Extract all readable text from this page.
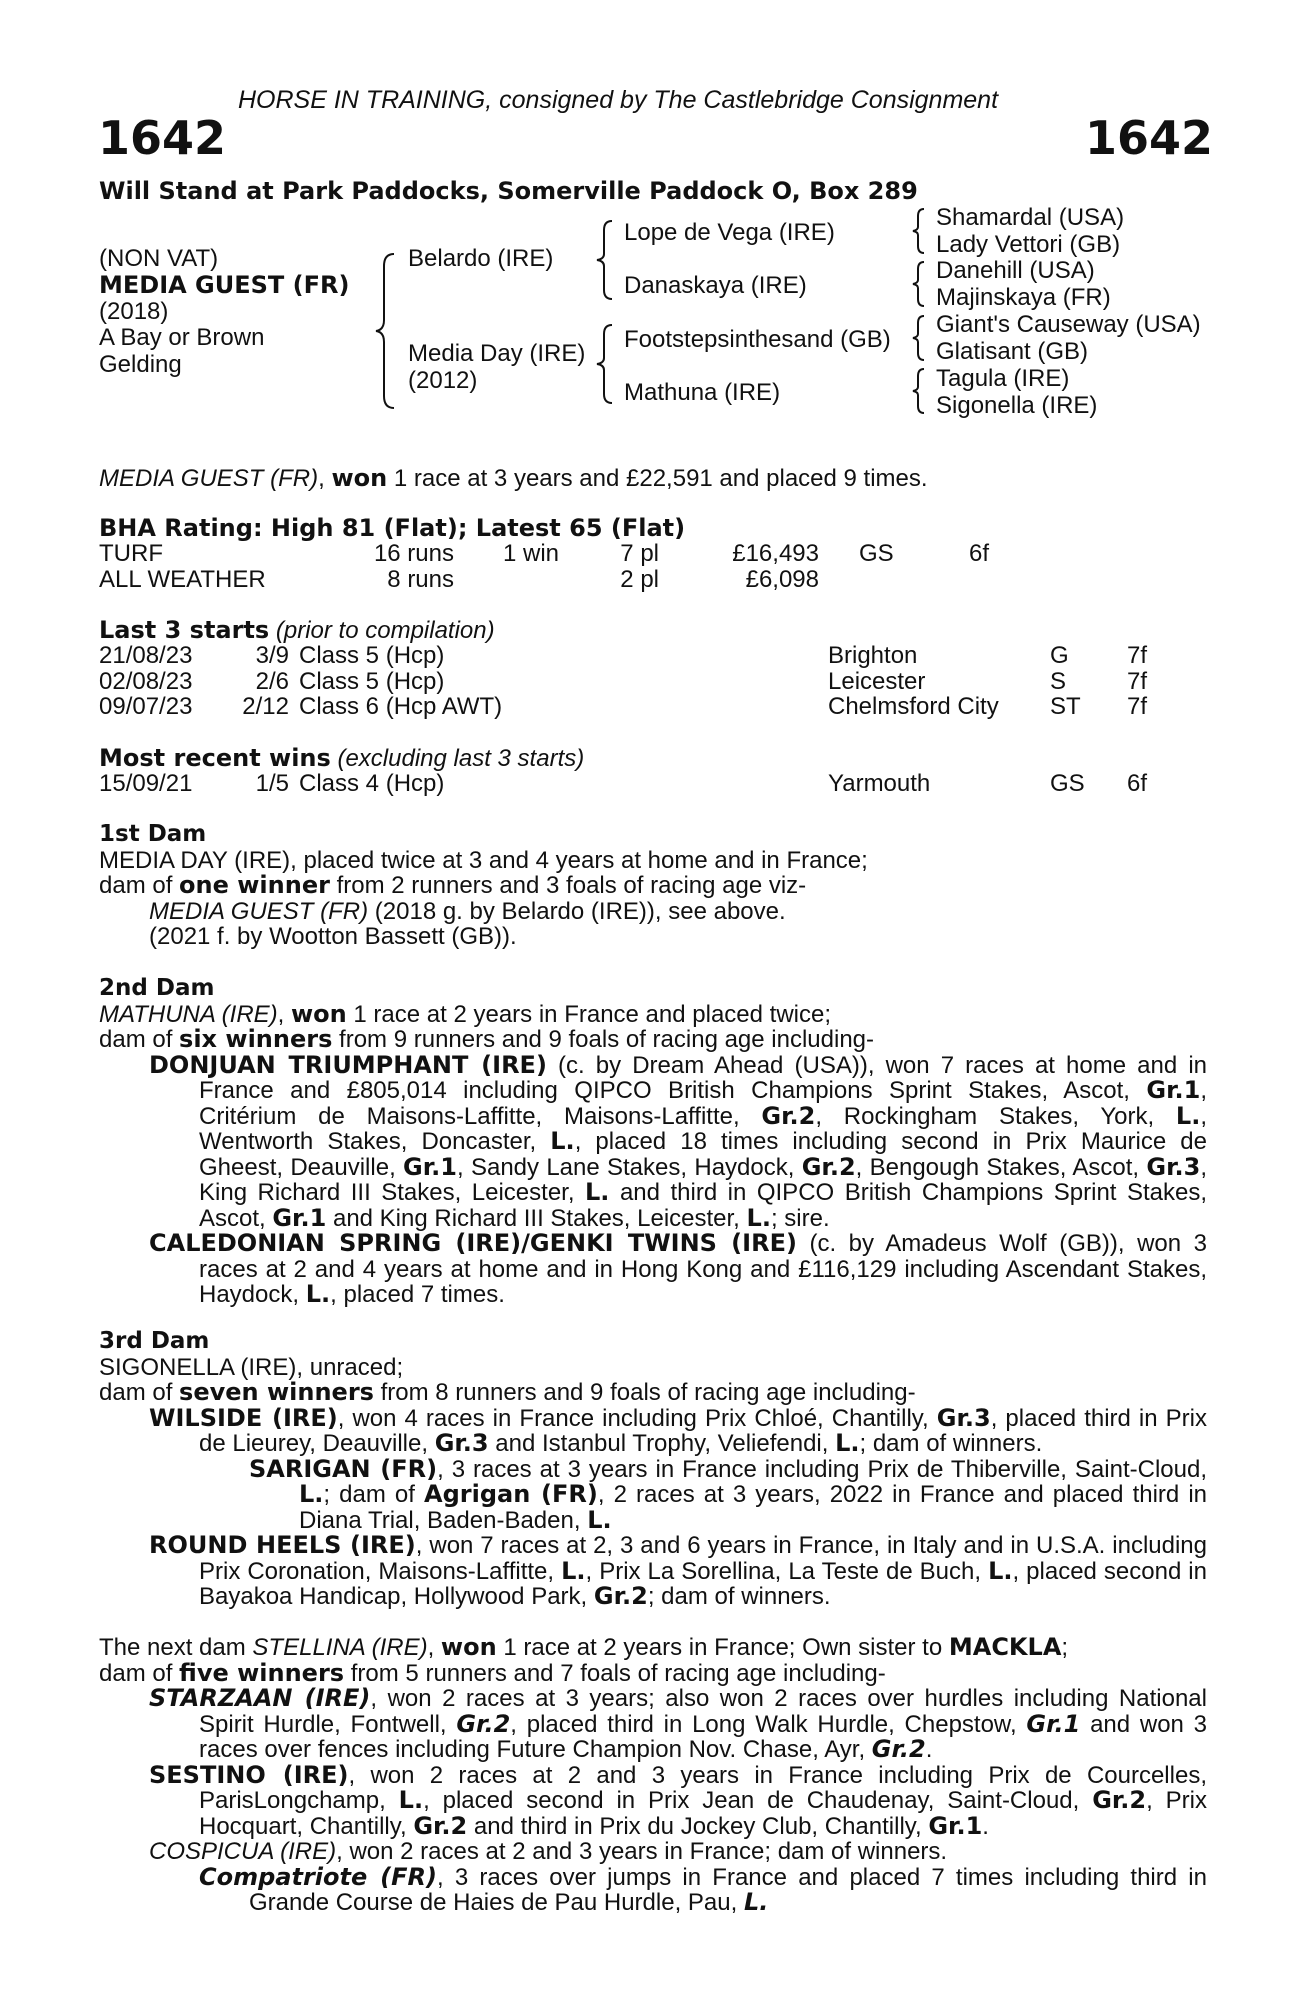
HORSE IN TRAINING, consigned by The Castlebridge Consignment
1642	1642
Will Stand at Park Paddocks, Somerville Paddock O, Box 289
(NON VAT)
MEDIA GUEST (FR)
(2018)
A Bay or Brown
Gelding
Belardo (IRE)
Media Day (IRE)
(2012)
Lope de Vega (IRE)
Danaskaya (IRE)
Footstepsinthesand (GB)
Mathuna (IRE)
Shamardal (USA)
Lady Vettori (GB)
Danehill (USA)
Majinskaya (FR)
Giant's Causeway (USA)
Glatisant (GB)
Tagula (IRE)
Sigonella (IRE)
MEDIA GUEST (FR), won 1 race at 3 years and £22,591 and placed 9 times.
BHA Rating: High 81 (Flat); Latest 65 (Flat)
TURF	16 runs	1 win	7 pl	£16,493		GS	6f
ALL WEATHER	8 runs		2 pl	£6,098			
Last 3 starts (prior to compilation)
21/08/23	3/9	Class 5 (Hcp)	Brighton	G	7f
02/08/23	2/6	Class 5 (Hcp)	Leicester	S	7f
09/07/23	2/12	Class 6 (Hcp AWT)	Chelmsford City	ST	7f
Most recent wins (excluding last 3 starts)
15/09/21	1/5	Class 4 (Hcp)	Yarmouth	GS	6f

1st Dam

MEDIA DAY (IRE), placed twice at 3 and 4 years at home and in France;

dam of one winner from 2 runners and 3 foals of racing age viz-

MEDIA GUEST (FR) (2018 g. by Belardo (IRE)), see above.

(2021 f. by Wootton Bassett (GB)).

2nd Dam

MATHUNA (IRE), won 1 race at 2 years in France and placed twice;

dam of six winners from 9 runners and 9 foals of racing age including-

DONJUAN TRIUMPHANT (IRE) (c. by Dream Ahead (USA)), won 7 races at home and in France and £805,014 including QIPCO British Champions Sprint Stakes, Ascot, Gr.1, Critérium de Maisons-Laffitte, Maisons-Laffitte, Gr.2, Rockingham Stakes, York, L., Wentworth Stakes, Doncaster, L., placed 18 times including second in Prix Maurice de Gheest, Deauville, Gr.1, Sandy Lane Stakes, Haydock, Gr.2, Bengough Stakes, Ascot, Gr.3, King Richard III Stakes, Leicester, L. and third in QIPCO British Champions Sprint Stakes, Ascot, Gr.1 and King Richard III Stakes, Leicester, L.; sire.

CALEDONIAN SPRING (IRE)/GENKI TWINS (IRE) (c. by Amadeus Wolf (GB)), won 3 races at 2 and 4 years at home and in Hong Kong and £116,129 including Ascendant Stakes, Haydock, L., placed 7 times.

3rd Dam

SIGONELLA (IRE), unraced;

dam of seven winners from 8 runners and 9 foals of racing age including-

WILSIDE (IRE), won 4 races in France including Prix Chloé, Chantilly, Gr.3, placed third in Prix de Lieurey, Deauville, Gr.3 and Istanbul Trophy, Veliefendi, L.; dam of winners.

SARIGAN (FR), 3 races at 3 years in France including Prix de Thiberville, Saint-Cloud, L.; dam of Agrigan (FR), 2 races at 3 years, 2022 in France and placed third in Diana Trial, Baden-Baden, L.

ROUND HEELS (IRE), won 7 races at 2, 3 and 6 years in France, in Italy and in U.S.A. including Prix Coronation, Maisons-Laffitte, L., Prix La Sorellina, La Teste de Buch, L., placed second in Bayakoa Handicap, Hollywood Park, Gr.2; dam of winners.

The next dam STELLINA (IRE), won 1 race at 2 years in France; Own sister to MACKLA;

dam of five winners from 5 runners and 7 foals of racing age including-

STARZAAN (IRE), won 2 races at 3 years; also won 2 races over hurdles including National Spirit Hurdle, Fontwell, Gr.2, placed third in Long Walk Hurdle, Chepstow, Gr.1 and won 3 races over fences including Future Champion Nov. Chase, Ayr, Gr.2.

SESTINO (IRE), won 2 races at 2 and 3 years in France including Prix de Courcelles, ParisLongchamp, L., placed second in Prix Jean de Chaudenay, Saint-Cloud, Gr.2, Prix Hocquart, Chantilly, Gr.2 and third in Prix du Jockey Club, Chantilly, Gr.1.

COSPICUA (IRE), won 2 races at 2 and 3 years in France; dam of winners.

Compatriote (FR), 3 races over jumps in France and placed 7 times including third in Grande Course de Haies de Pau Hurdle, Pau, L.
